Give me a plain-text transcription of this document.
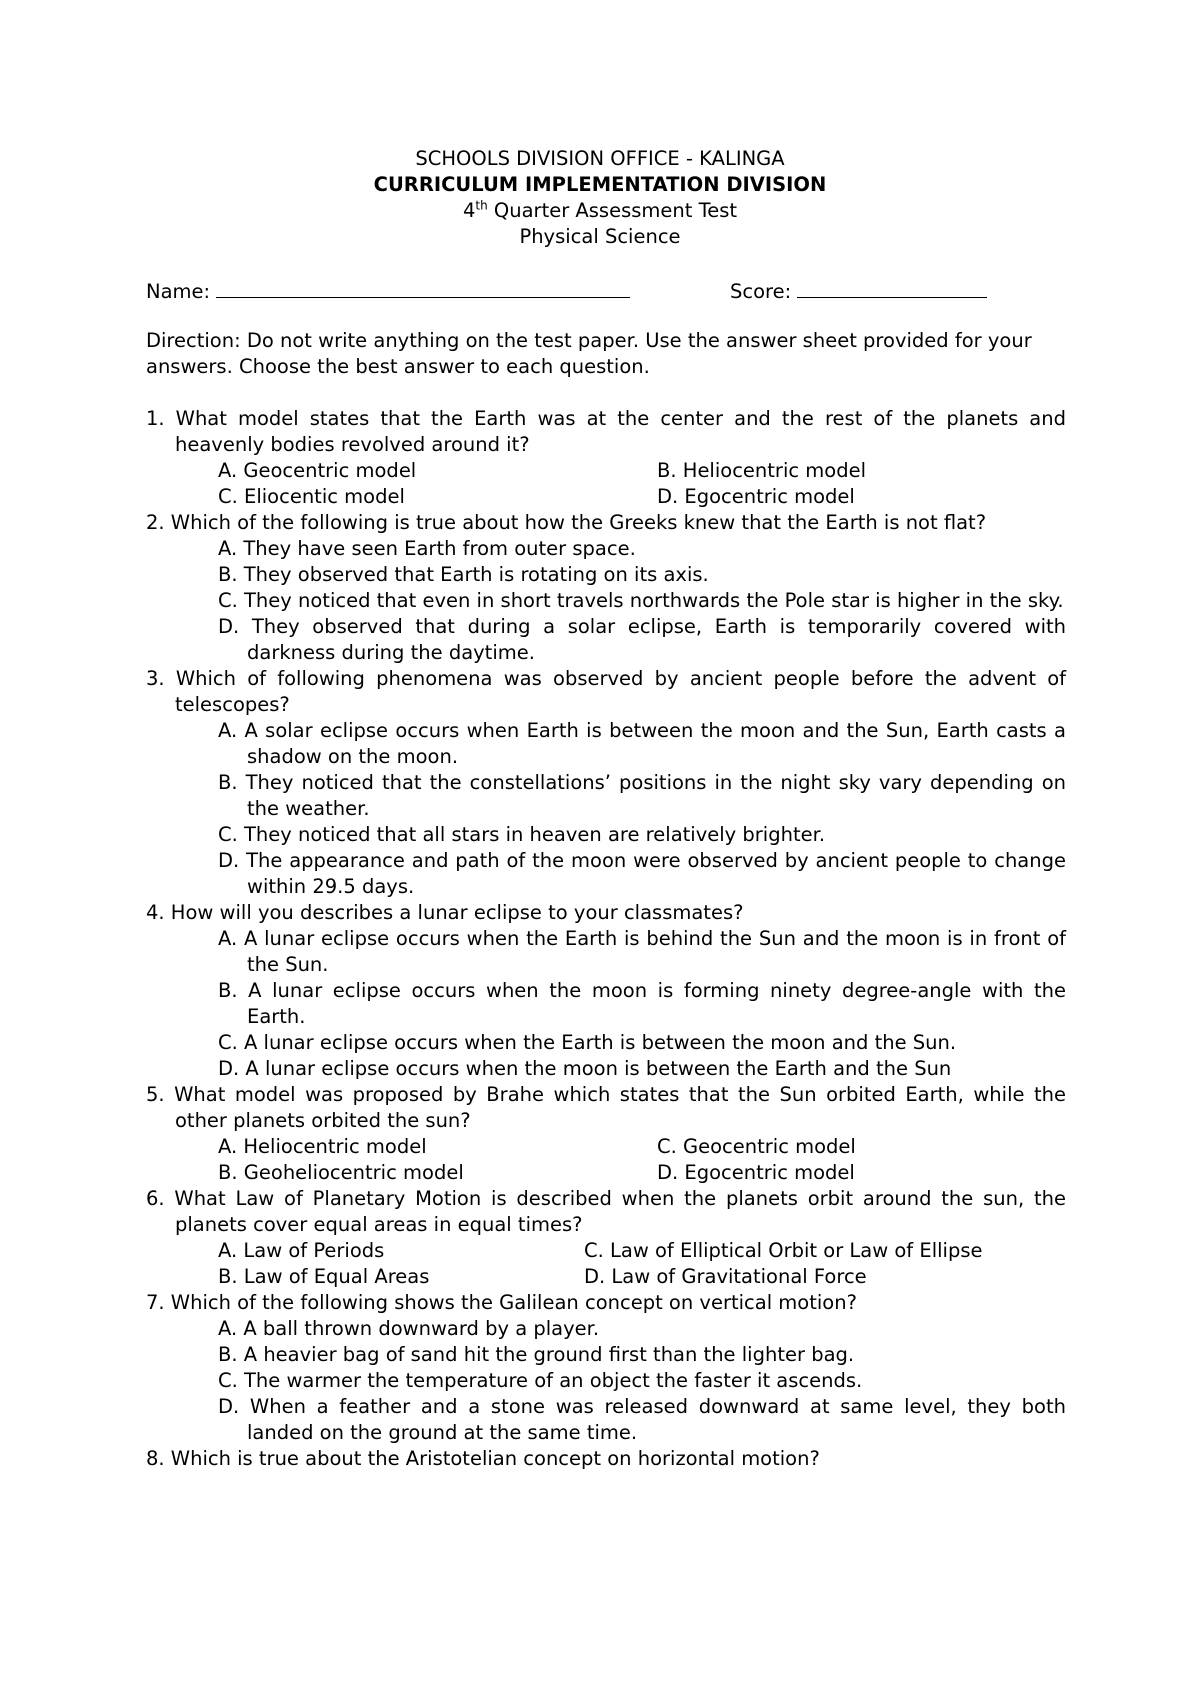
SCHOOLS DIVISION OFFICE - KALINGA
CURRICULUM IMPLEMENTATION DIVISION
4th Quarter Assessment Test
Physical Science
Name:	Score:
Direction: Do not write anything on the test paper. Use the answer sheet provided for your answers. Choose the best answer to each question.
1. What model states that the Earth was at the center and the rest of the planets and heavenly bodies revolved around it?
A. Geocentric model	B. Heliocentric model
C. Eliocentic model	D. Egocentric model
2. Which of the following is true about how the Greeks knew that the Earth is not flat?
A. They have seen Earth from outer space.
B. They observed that Earth is rotating on its axis.
C. They noticed that even in short travels northwards the Pole star is higher in the sky.
D. They observed that during a solar eclipse, Earth is temporarily covered with darkness during the daytime.
3. Which of following phenomena was observed by ancient people before the advent of telescopes?
A. A solar eclipse occurs when Earth is between the moon and the Sun, Earth casts a shadow on the moon.
B. They noticed that the constellations’ positions in the night sky vary depending on the weather.
C. They noticed that all stars in heaven are relatively brighter.
D. The appearance and path of the moon were observed by ancient people to change within 29.5 days.
4. How will you describes a lunar eclipse to your classmates?
A. A lunar eclipse occurs when the Earth is behind the Sun and the moon is in front of the Sun.
B. A lunar eclipse occurs when the moon is forming ninety degree-angle with the Earth.
C. A lunar eclipse occurs when the Earth is between the moon and the Sun.
D. A lunar eclipse occurs when the moon is between the Earth and the Sun
5. What model was proposed by Brahe which states that the Sun orbited Earth, while the other planets orbited the sun?
A. Heliocentric model	C. Geocentric model
B. Geoheliocentric model	D. Egocentric model
6. What Law of Planetary Motion is described when the planets orbit around the sun, the planets cover equal areas in equal times?
A. Law of Periods	C. Law of Elliptical Orbit or Law of Ellipse
B. Law of Equal Areas	D. Law of Gravitational Force
7. Which of the following shows the Galilean concept on vertical motion?
A. A ball thrown downward by a player.
B. A heavier bag of sand hit the ground first than the lighter bag.
C. The warmer the temperature of an object the faster it ascends.
D. When a feather and a stone was released downward at same level, they both landed on the ground at the same time.
8. Which is true about the Aristotelian concept on horizontal motion?
